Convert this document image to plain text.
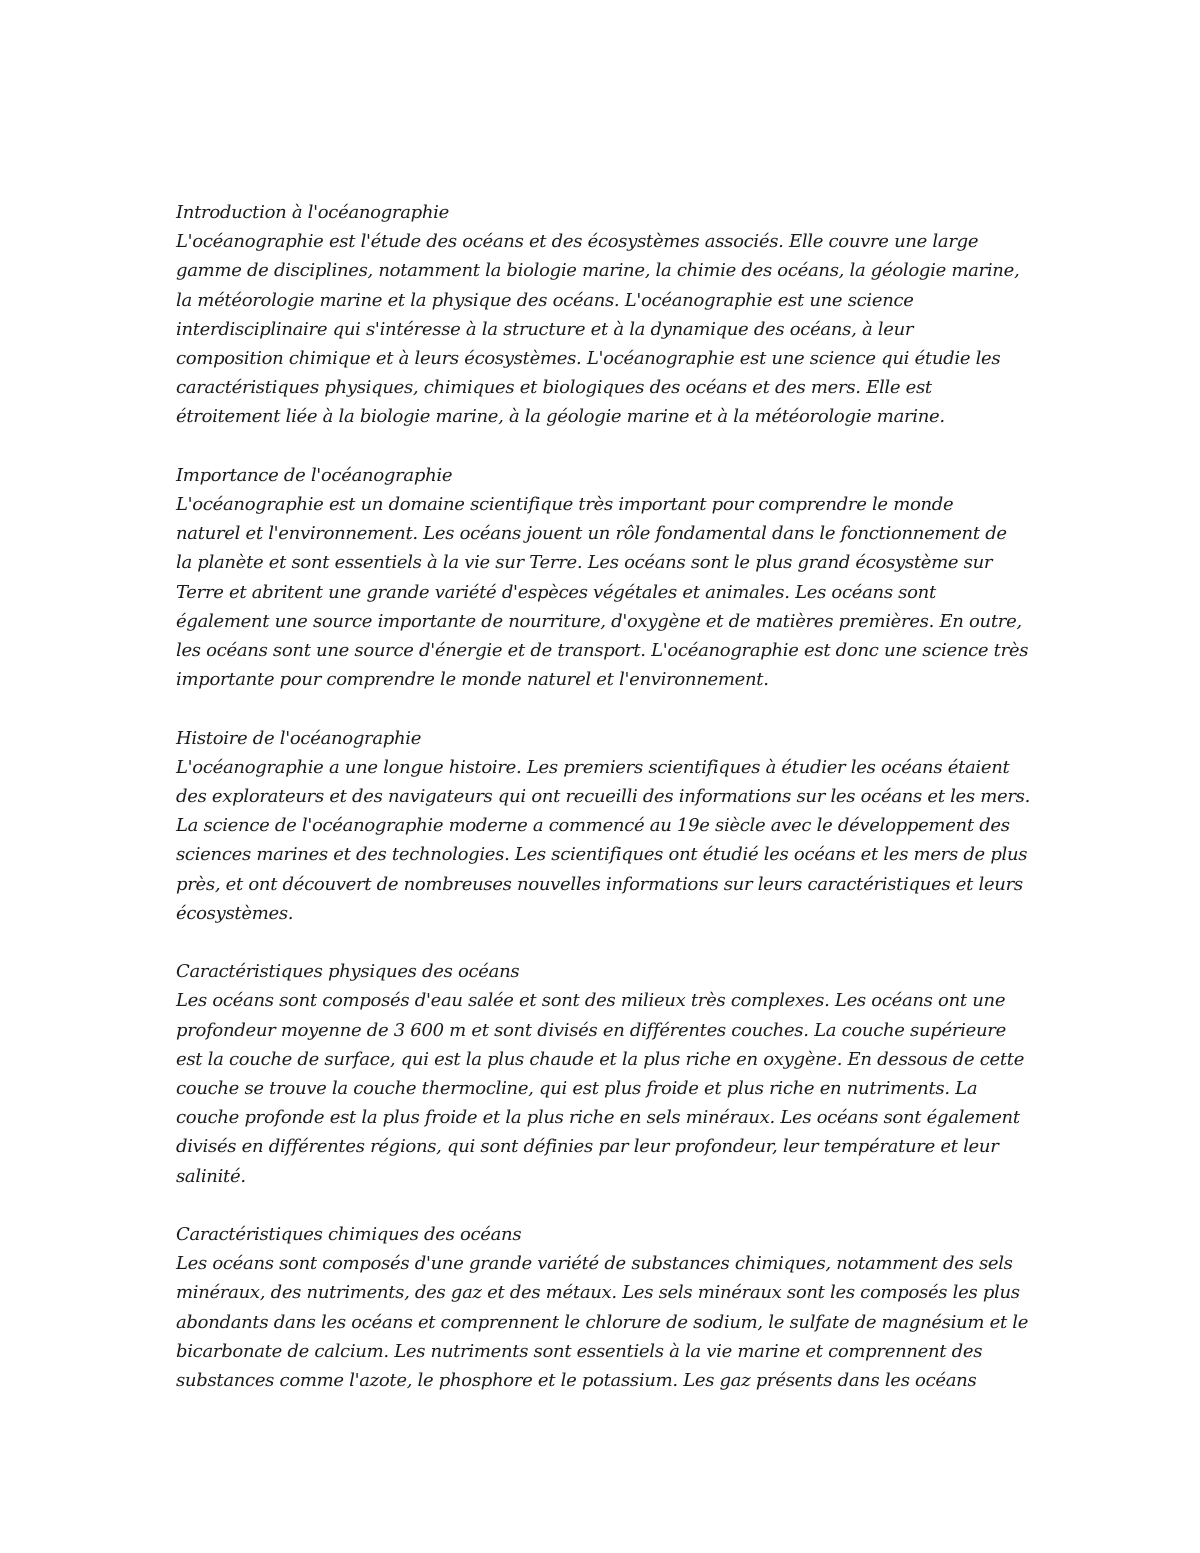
Introduction à l'océanographie
L'océanographie est l'étude des océans et des écosystèmes associés. Elle couvre une large
gamme de disciplines, notamment la biologie marine, la chimie des océans, la géologie marine,
la météorologie marine et la physique des océans. L'océanographie est une science
interdisciplinaire qui s'intéresse à la structure et à la dynamique des océans, à leur
composition chimique et à leurs écosystèmes. L'océanographie est une science qui étudie les
caractéristiques physiques, chimiques et biologiques des océans et des mers. Elle est
étroitement liée à la biologie marine, à la géologie marine et à la météorologie marine.
Importance de l'océanographie
L'océanographie est un domaine scientifique très important pour comprendre le monde
naturel et l'environnement. Les océans jouent un rôle fondamental dans le fonctionnement de
la planète et sont essentiels à la vie sur Terre. Les océans sont le plus grand écosystème sur
Terre et abritent une grande variété d'espèces végétales et animales. Les océans sont
également une source importante de nourriture, d'oxygène et de matières premières. En outre,
les océans sont une source d'énergie et de transport. L'océanographie est donc une science très
importante pour comprendre le monde naturel et l'environnement.
Histoire de l'océanographie
L'océanographie a une longue histoire. Les premiers scientifiques à étudier les océans étaient
des explorateurs et des navigateurs qui ont recueilli des informations sur les océans et les mers.
La science de l'océanographie moderne a commencé au 19e siècle avec le développement des
sciences marines et des technologies. Les scientifiques ont étudié les océans et les mers de plus
près, et ont découvert de nombreuses nouvelles informations sur leurs caractéristiques et leurs
écosystèmes.
Caractéristiques physiques des océans
Les océans sont composés d'eau salée et sont des milieux très complexes. Les océans ont une
profondeur moyenne de 3 600 m et sont divisés en différentes couches. La couche supérieure
est la couche de surface, qui est la plus chaude et la plus riche en oxygène. En dessous de cette
couche se trouve la couche thermocline, qui est plus froide et plus riche en nutriments. La
couche profonde est la plus froide et la plus riche en sels minéraux. Les océans sont également
divisés en différentes régions, qui sont définies par leur profondeur, leur température et leur
salinité.
Caractéristiques chimiques des océans
Les océans sont composés d'une grande variété de substances chimiques, notamment des sels
minéraux, des nutriments, des gaz et des métaux. Les sels minéraux sont les composés les plus
abondants dans les océans et comprennent le chlorure de sodium, le sulfate de magnésium et le
bicarbonate de calcium. Les nutriments sont essentiels à la vie marine et comprennent des
substances comme l'azote, le phosphore et le potassium. Les gaz présents dans les océans
